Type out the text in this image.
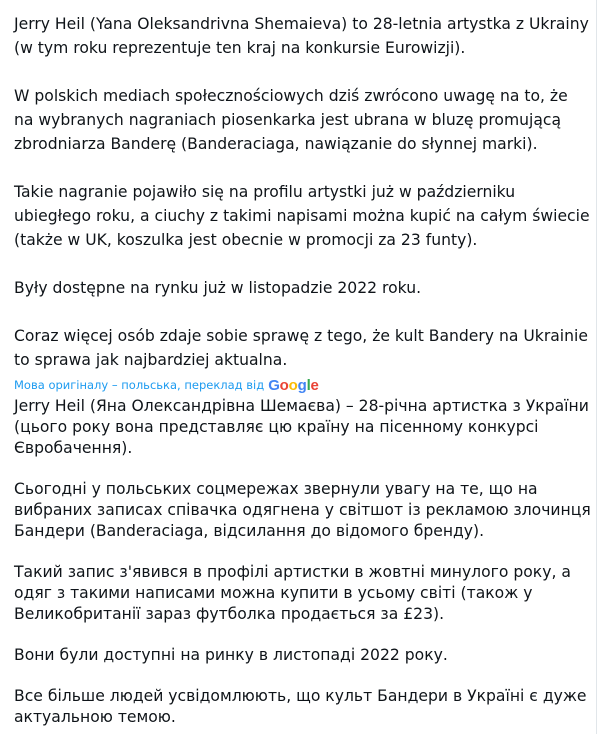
Jerry Heil (Yana Oleksandrivna Shemaieva) to 28-letnia artystka z Ukrainy (w tym roku reprezentuje ten kraj na konkursie Eurowizji).

W polskich mediach społecznościowych dziś zwrócono uwagę na to, że na wybranych nagraniach piosenkarka jest ubrana w bluzę promującą zbrodniarza Banderę (Banderaciaga, nawiązanie do słynnej marki).

Takie nagranie pojawiło się na profilu artystki już w październiku ubiegłego roku, a ciuchy z takimi napisami można kupić na całym świecie (także w UK, koszulka jest obecnie w promocji za 23 funty).

Były dostępne na rynku już w listopadzie 2022 roku.

Coraz więcej osób zdaje sobie sprawę z tego, że kult Bandery na Ukrainie to sprawa jak najbardziej aktualna.

Мова оригіналу – польська, переклад від Google

Jerry Heil (Яна Олександрівна Шемаєва) – 28-річна артистка з України (цього року вона представляє цю країну на пісенному конкурсі Євробачення).

Сьогодні у польських соцмережах звернули увагу на те, що на вибраних записах співачка одягнена у світшот із рекламою злочинця Бандери (Banderaciaga, відсилання до відомого бренду).

Такий запис з'явився в профілі артистки в жовтні минулого року, а одяг з такими написами можна купити в усьому світі (також у Великобританії зараз футболка продається за £23).

Вони були доступні на ринку в листопаді 2022 року.

Все більше людей усвідомлюють, що культ Бандери в Україні є дуже актуальною темою.
